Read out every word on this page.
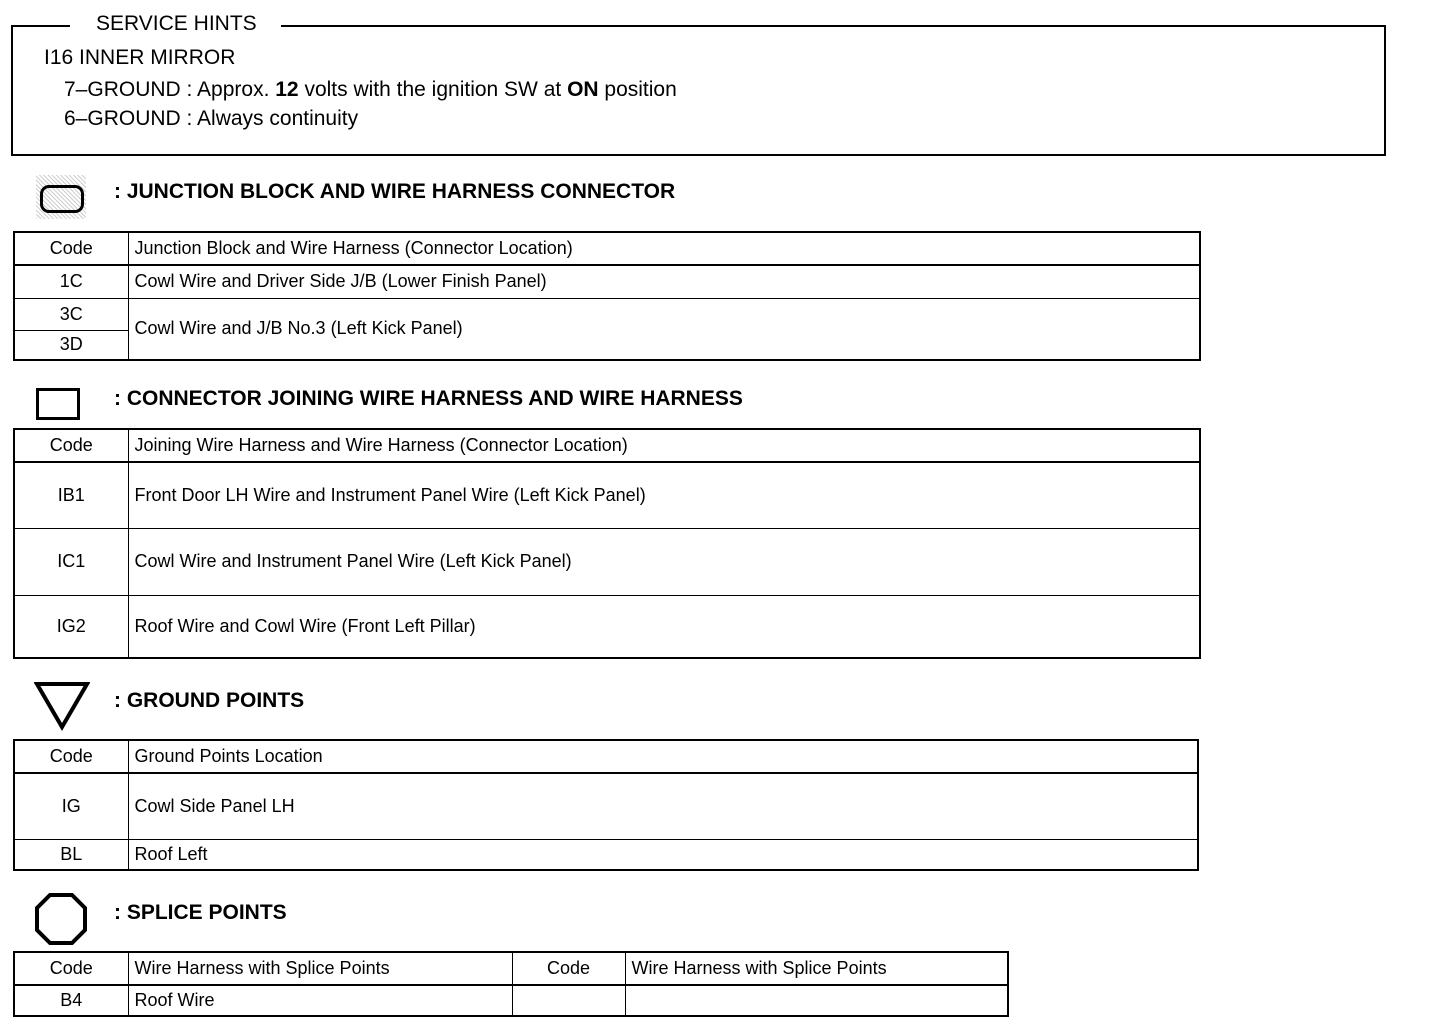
SERVICE HINTS
I16 INNER MIRROR
7–GROUND : Approx. 12 volts with the ignition SW at ON position
6–GROUND : Always continuity
: JUNCTION BLOCK AND WIRE HARNESS CONNECTOR
Code	Junction Block and Wire Harness (Connector Location)
1C	Cowl Wire and Driver Side J/B (Lower Finish Panel)
3C	Cowl Wire and J/B No.3 (Left Kick Panel)
3D	
: CONNECTOR JOINING WIRE HARNESS AND WIRE HARNESS
Code	Joining Wire Harness and Wire Harness (Connector Location)
IB1	Front Door LH Wire and Instrument Panel Wire (Left Kick Panel)
IC1	Cowl Wire and Instrument Panel Wire (Left Kick Panel)
IG2	Roof Wire and Cowl Wire (Front Left Pillar)
: GROUND POINTS
Code	Ground Points Location
IG	Cowl Side Panel LH
BL	Roof Left
: SPLICE POINTS
Code	Wire Harness with Splice Points	Code	Wire Harness with Splice Points
B4	Roof Wire		
